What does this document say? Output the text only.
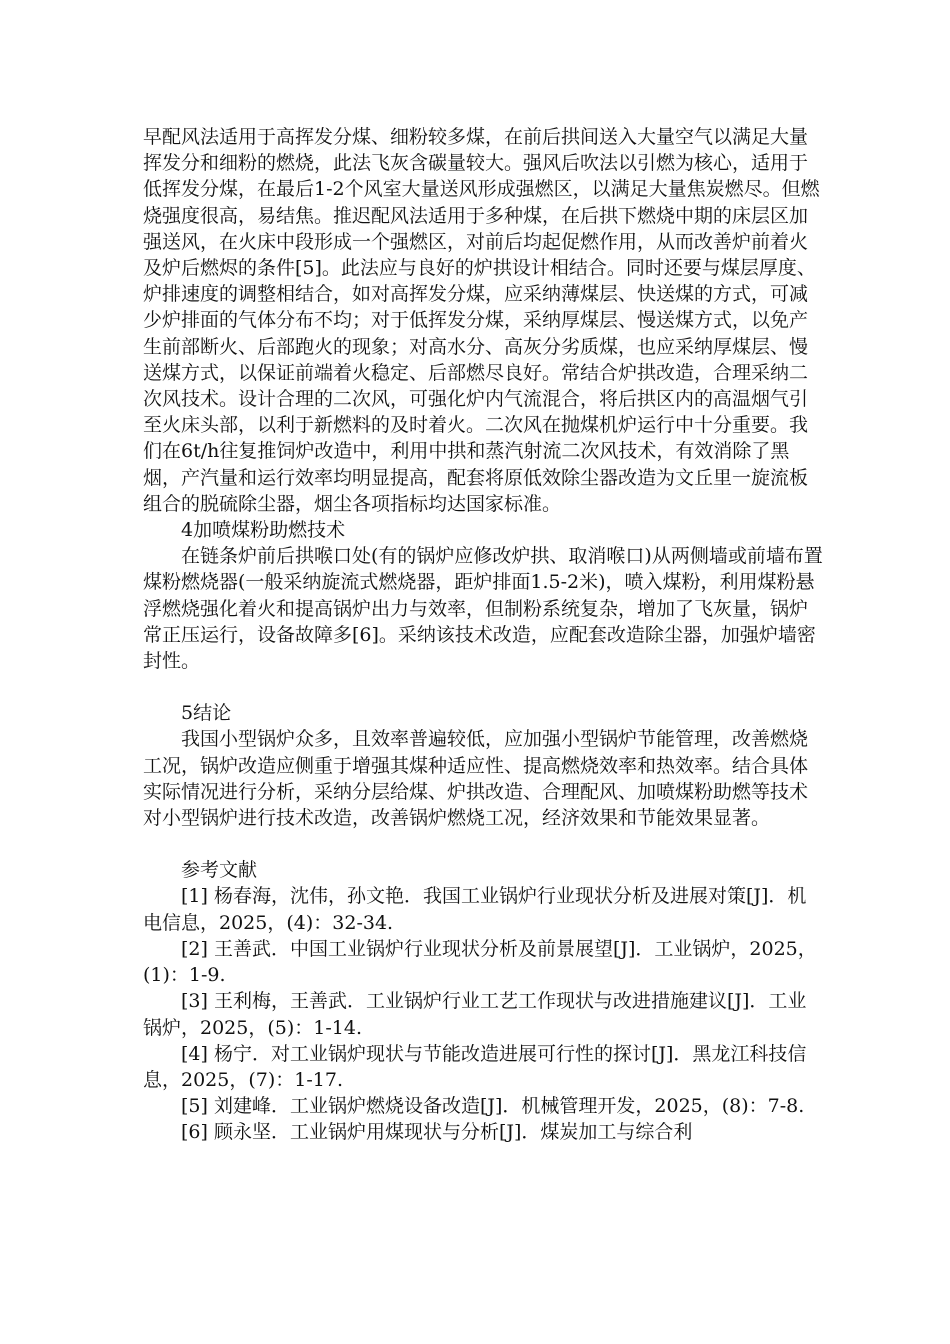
早配风法适用于高挥发分煤、细粉较多煤，在前后拱间送入大量空气以满足大量挥发分和细粉的燃烧，此法飞灰含碳量较大。强风后吹法以引燃为核心，适用于低挥发分煤，在最后1-2个风室大量送风形成强燃区，以满足大量焦炭燃尽。但燃烧强度很高，易结焦。推迟配风法适用于多种煤，在后拱下燃烧中期的床层区加强送风，在火床中段形成一个强燃区，对前后均起促燃作用，从而改善炉前着火及炉后燃烬的条件[5]。此法应与良好的炉拱设计相结合。同时还要与煤层厚度、炉排速度的调整相结合，如对高挥发分煤，应采纳薄煤层、快送煤的方式，可减少炉排面的气体分布不均；对于低挥发分煤，采纳厚煤层、慢送煤方式，以免产生前部断火、后部跑火的现象；对高水分、高灰分劣质煤，也应采纳厚煤层、慢送煤方式，以保证前端着火稳定、后部燃尽良好。常结合炉拱改造，合理采纳二次风技术。设计合理的二次风，可强化炉内气流混合，将后拱区内的高温烟气引至火床头部，以利于新燃料的及时着火。二次风在抛煤机炉运行中十分重要。我们在6t/h往复推饲炉改造中，利用中拱和蒸汽射流二次风技术，有效消除了黑烟，产汽量和运行效率均明显提高，配套将原低效除尘器改造为文丘里一旋流板组合的脱硫除尘器，烟尘各项指标均达国家标准。

4加喷煤粉助燃技术

在链条炉前后拱喉口处(有的锅炉应修改炉拱、取消喉口)从两侧墙或前墙布置煤粉燃烧器(一般采纳旋流式燃烧器，距炉排面1.5-2米)，喷入煤粉，利用煤粉悬浮燃烧强化着火和提高锅炉出力与效率，但制粉系统复杂，增加了飞灰量，锅炉常正压运行，设备故障多[6]。采纳该技术改造，应配套改造除尘器，加强炉墙密封性。

5结论

我国小型锅炉众多，且效率普遍较低，应加强小型锅炉节能管理，改善燃烧工况，锅炉改造应侧重于增强其煤种适应性、提高燃烧效率和热效率。结合具体实际情况进行分析，采纳分层给煤、炉拱改造、合理配风、加喷煤粉助燃等技术对小型锅炉进行技术改造，改善锅炉燃烧工况，经济效果和节能效果显著。

参考文献

[1] 杨春海，沈伟，孙文艳．我国工业锅炉行业现状分析及进展对策[J]．机电信息，2025，(4)：32-34.

[2] 王善武．中国工业锅炉行业现状分析及前景展望[J]．工业锅炉，2025，(1)：1-9.

[3] 王利梅，王善武．工业锅炉行业工艺工作现状与改进措施建议[J]．工业锅炉，2025，(5)：1-14.

[4] 杨宁．对工业锅炉现状与节能改造进展可行性的探讨[J]．黑龙江科技信息，2025，(7)：1-17.

[5] 刘建峰．工业锅炉燃烧设备改造[J]．机械管理开发，2025，(8)：7-8.

[6] 顾永坚．工业锅炉用煤现状与分析[J]．煤炭加工与综合利
